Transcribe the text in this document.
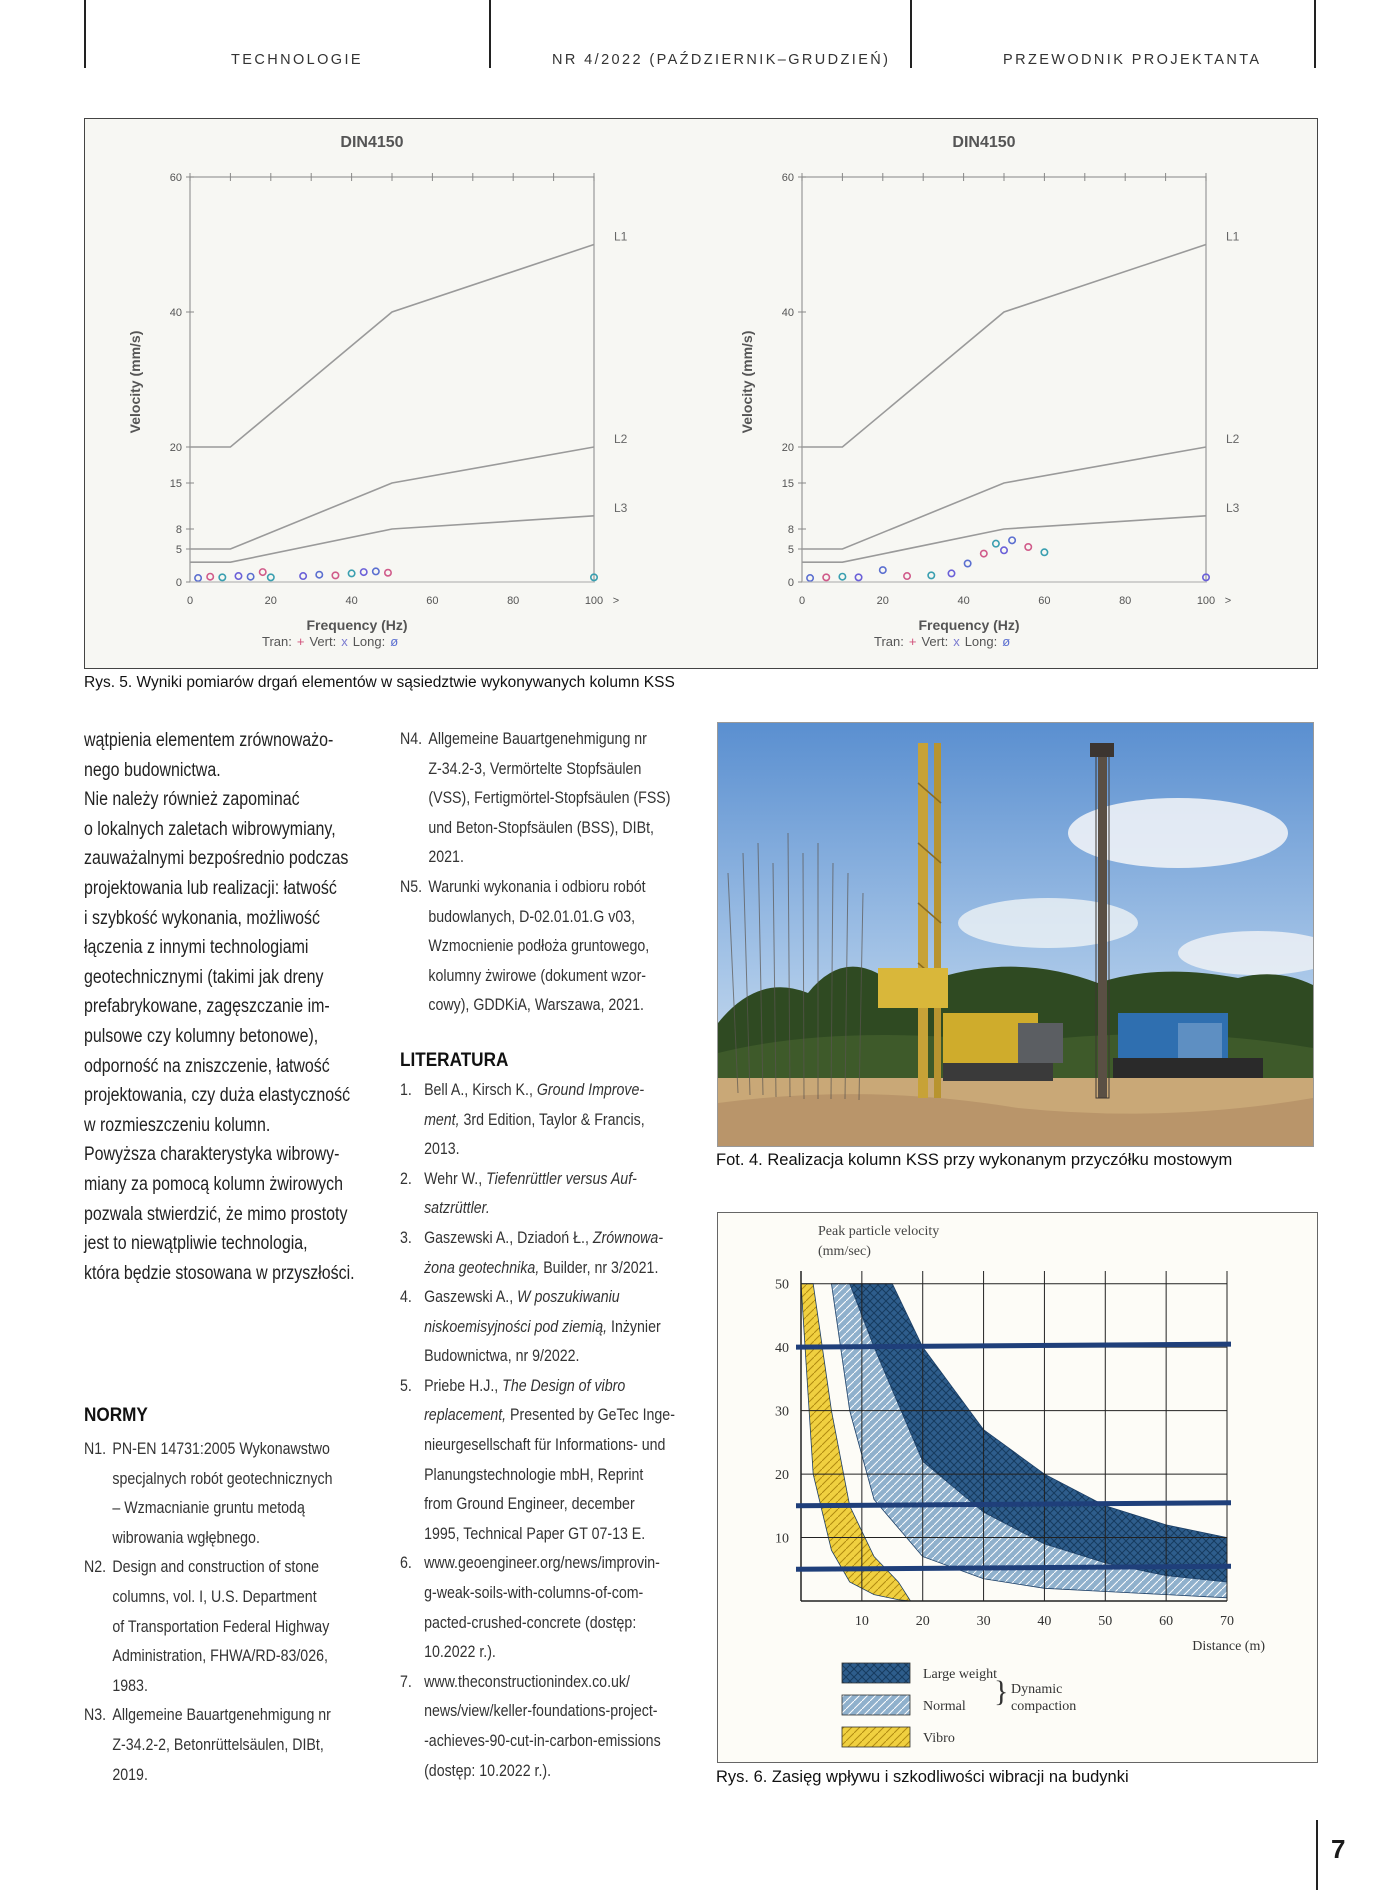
TECHNOLOGIE	NR 4/2022 (PAŹDZIERNIK–GRUDZIEŃ)	PRZEWODNIK PROJEKTANTA
DIN4150
0
5
8
15
20
40
60
0	20	40	60	80	100 >
L1
L2
L3
Velocity (mm/s)
Frequency (Hz)
Tran: + Vert: x Long: ø
DIN4150
0
5
8
15
20
40
60
0	20	40	60	80	100 >
L1
L2
L3
Velocity (mm/s)
Frequency (Hz)
Tran: + Vert: x Long: ø
Rys. 5. Wyniki pomiarów drgań elementów w sąsiedztwie wykonywanych kolumn KSS

wątpienia elementem zrównoważo-
nego budownictwa.

Nie należy również zapominać
o lokalnych zaletach wibrowymiany,
zauważalnymi bezpośrednio podczas
projektowania lub realizacji: łatwość
i szybkość wykonania, możliwość
łączenia z innymi technologiami
geotechnicznymi (takimi jak dreny
prefabrykowane, zagęszczanie im-
pulsowe czy kolumny betonowe),
odporność na zniszczenie, łatwość
projektowania, czy duża elastyczność
w rozmieszczeniu kolumn.

Powyższa charakterystyka wibrowy-
miany za pomocą kolumn żwirowych
pozwala stwierdzić, że mimo prostoty
jest to niewątpliwie technologia,
która będzie stosowana w przyszłości.

NORMY

N1. PN-EN 14731:2005 Wykonawstwo
specjalnych robót geotechnicznych
– Wzmacnianie gruntu metodą
wibrowania wgłębnego.

N2. Design and construction of stone
columns, vol. I, U.S. Department
of Transportation Federal Highway
Administration, FHWA/RD-83/026,
1983.

N3. Allgemeine Bauartgenehmigung nr
Z-34.2-2, Betonrüttelsäulen, DIBt,
2019.

N4. Allgemeine Bauartgenehmigung nr
Z-34.2-3, Vermörtelte Stopfsäulen
(VSS), Fertigmörtel-Stopfsäulen (FSS)
und Beton-Stopfsäulen (BSS), DIBt,
2021.

N5. Warunki wykonania i odbioru robót
budowlanych, D-02.01.01.G v03,
Wzmocnienie podłoża gruntowego,
kolumny żwirowe (dokument wzor-
cowy), GDDKiA, Warszawa, 2021.

LITERATURA

1. Bell A., Kirsch K., Ground Improve-
ment, 3rd Edition, Taylor & Francis,
2013.

2. Wehr W., Tiefenrüttler versus Auf-
satzrüttler.

3. Gaszewski A., Dziadoń Ł., Zrównowa-
żona geotechnika, Builder, nr 3/2021.

4. Gaszewski A., W poszukiwaniu
niskoemisyjności pod ziemią, Inżynier
Budownictwa, nr 9/2022.

5. Priebe H.J., The Design of vibro
replacement, Presented by GeTec Inge-
nieurgesellschaft für Informations- und
Planungstechnologie mbH, Reprint
from Ground Engineer, december
1995, Technical Paper GT 07-13 E.

6. www.geoengineer.org/news/improvin-
g-weak-soils-with-columns-of-com-
pacted-crushed-concrete (dostęp:
10.2022 r.).

7. www.theconstructionindex.co.uk/
news/view/keller-foundations-project-
-achieves-90-cut-in-carbon-emissions
(dostęp: 10.2022 r.).

Fot. 4. Realizacja kolumn KSS przy wykonanym przyczółku mostowym
Peak particle velocity
(mm/sec)
10
20
30
40
50
10	20	30	40	50	60	70
Distance (m)
Large weight
Normal
Vibro
} Dynamic
compaction
Rys. 6. Zasięg wpływu i szkodliwości wibracji na budynki
7
